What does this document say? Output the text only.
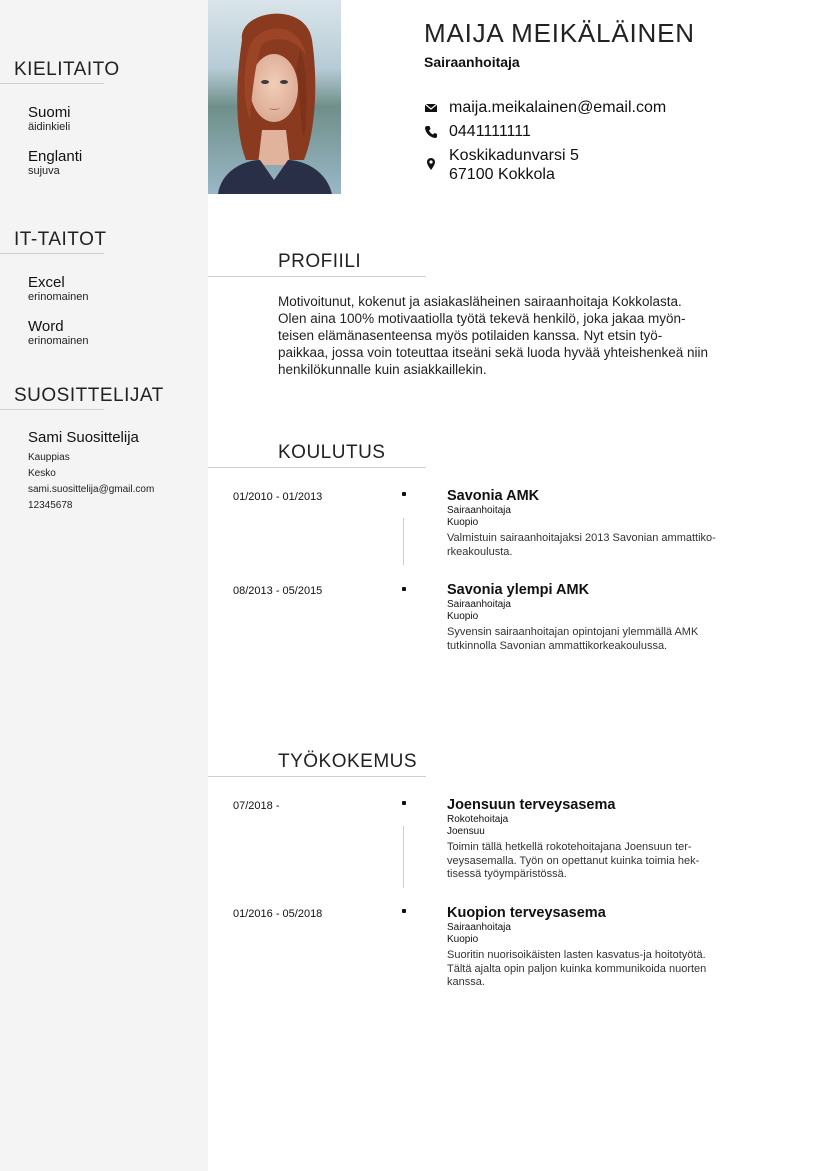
KIELITAITO
Suomi
äidinkieli
Englanti
sujuva
IT-TAITOT
Excel
erinomainen
Word
erinomainen
SUOSITTELIJAT
Sami Suosittelija
Kauppias
Kesko
sami.suosittelija@gmail.com
12345678
MAIJA MEIKÄLÄINEN
Sairaanhoitaja
maija.meikalainen@email.com
0441111111
Koskikadunvarsi 5
67100 Kokkola
PROFIILI
Motivoitunut, kokenut ja asiakasläheinen sairaanhoitaja Kokkolasta.
Olen aina 100% motivaatiolla työtä tekevä henkilö, joka jakaa myön-
teisen elämänasenteensa myös potilaiden kanssa. Nyt etsin työ-
paikkaa, jossa voin toteuttaa itseäni sekä luoda hyvää yhteishenkeä niin
henkilökunnalle kuin asiakkaillekin.
KOULUTUS
01/2010 - 01/2013	Savonia AMK
Sairaanhoitaja
Kuopio
Valmistuin sairaanhoitajaksi 2013 Savonian ammattiko-
rkeakoulusta.
08/2013 - 05/2015	Savonia ylempi AMK
Sairaanhoitaja
Kuopio
Syvensin sairaanhoitajan opintojani ylemmällä AMK
tutkinnolla Savonian ammattikorkeakoulussa.
TYÖKOKEMUS
07/2018 -	Joensuun terveysasema
Rokotehoitaja
Joensuu
Toimin tällä hetkellä rokotehoitajana Joensuun ter-
veysasemalla. Työn on opettanut kuinka toimia hek-
tisessä työympäristössä.
01/2016 - 05/2018	Kuopion terveysasema
Sairaanhoitaja
Kuopio
Suoritin nuorisoikäisten lasten kasvatus-ja hoitotyötä.
Tältä ajalta opin paljon kuinka kommunikoida nuorten
kanssa.
